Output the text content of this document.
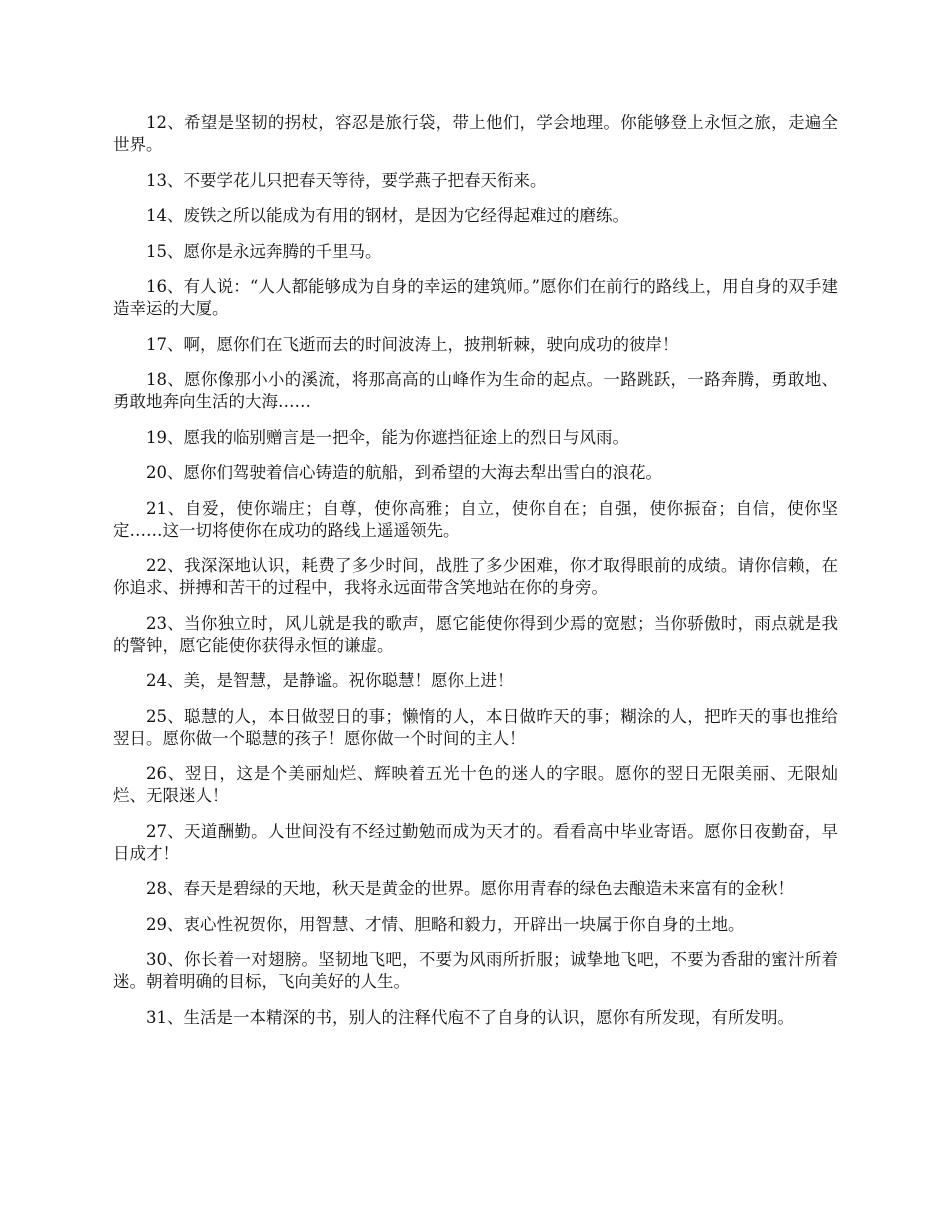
12、希望是坚韧的拐杖，容忍是旅行袋，带上他们，学会地理。你能够登上永恒之旅，走遍全世界。

13、不要学花儿只把春天等待，要学燕子把春天衔来。

14、废铁之所以能成为有用的钢材，是因为它经得起难过的磨练。

15、愿你是永远奔腾的千里马。

16、有人说：“人人都能够成为自身的幸运的建筑师。”愿你们在前行的路线上，用自身的双手建造幸运的大厦。

17、啊，愿你们在飞逝而去的时间波涛上，披荆斩棘，驶向成功的彼岸！

18、愿你像那小小的溪流，将那高高的山峰作为生命的起点。一路跳跃，一路奔腾，勇敢地、勇敢地奔向生活的大海……

19、愿我的临别赠言是一把伞，能为你遮挡征途上的烈日与风雨。

20、愿你们驾驶着信心铸造的航船，到希望的大海去犁出雪白的浪花。

21、自爱，使你端庄；自尊，使你高雅；自立，使你自在；自强，使你振奋；自信，使你坚定……这一切将使你在成功的路线上遥遥领先。

22、我深深地认识，耗费了多少时间，战胜了多少困难，你才取得眼前的成绩。请你信赖，在你追求、拼搏和苦干的过程中，我将永远面带含笑地站在你的身旁。

23、当你独立时，风儿就是我的歌声，愿它能使你得到少焉的宽慰；当你骄傲时，雨点就是我的警钟，愿它能使你获得永恒的谦虚。

24、美，是智慧，是静谧。祝你聪慧！愿你上进！

25、聪慧的人，本日做翌日的事；懒惰的人，本日做昨天的事；糊涂的人，把昨天的事也推给翌日。愿你做一个聪慧的孩子！愿你做一个时间的主人！

26、翌日，这是个美丽灿烂、辉映着五光十色的迷人的字眼。愿你的翌日无限美丽、无限灿烂、无限迷人！

27、天道酬勤。人世间没有不经过勤勉而成为天才的。看看高中毕业寄语。愿你日夜勤奋，早日成才！

28、春天是碧绿的天地，秋天是黄金的世界。愿你用青春的绿色去酿造未来富有的金秋！

29、衷心性祝贺你，用智慧、才情、胆略和毅力，开辟出一块属于你自身的土地。

30、你长着一对翅膀。坚韧地飞吧，不要为风雨所折服；诚挚地飞吧，不要为香甜的蜜汁所着迷。朝着明确的目标，飞向美好的人生。

31、生活是一本精深的书，别人的注释代庖不了自身的认识，愿你有所发现，有所发明。
